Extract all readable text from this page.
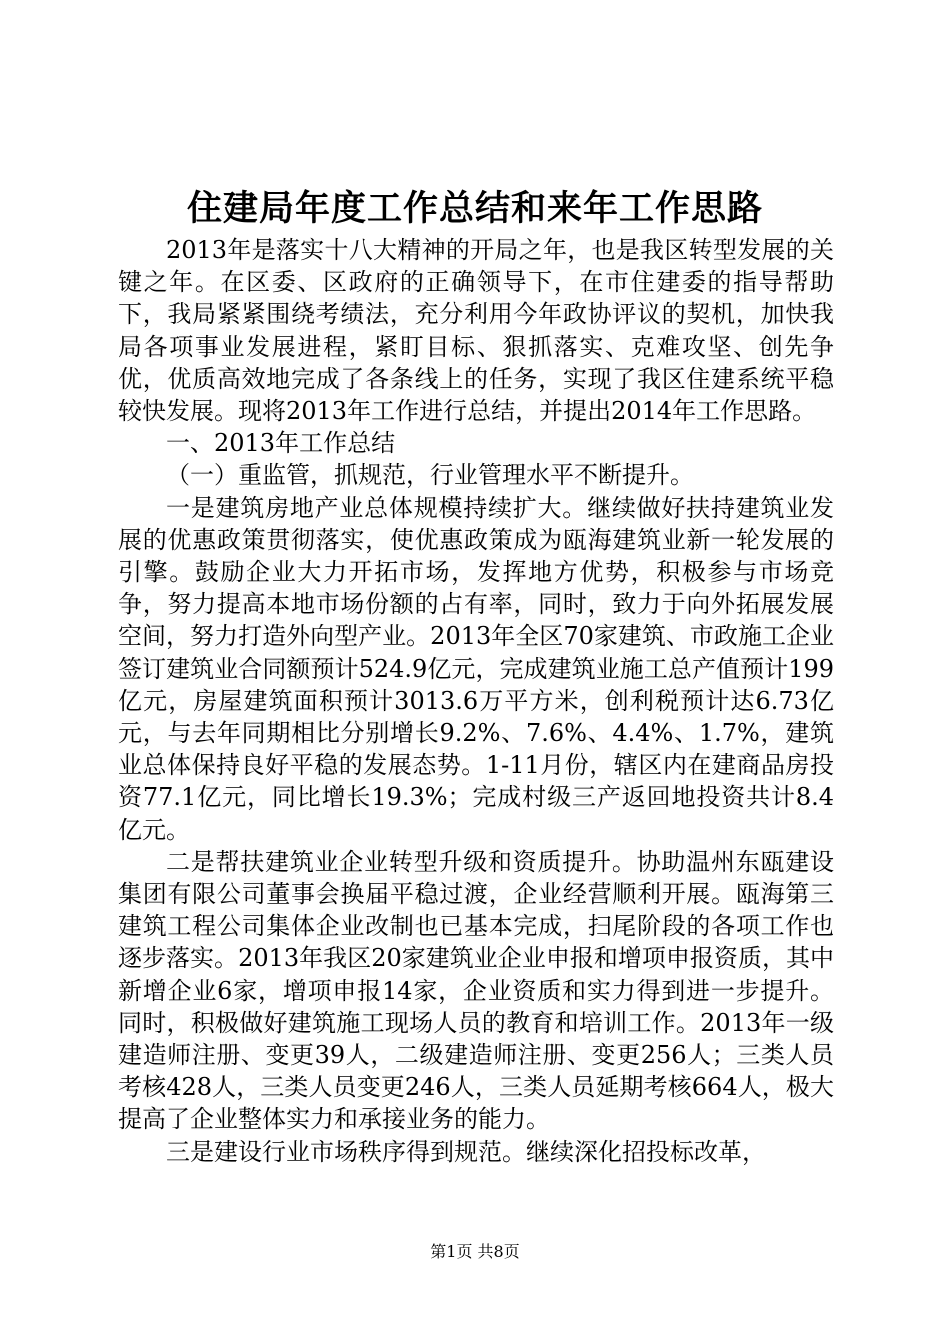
住建局年度工作总结和来年工作思路

2013年是落实十八大精神的开局之年，也是我区转型发展的关键之年。在区委、区政府的正确领导下，在市住建委的指导帮助下，我局紧紧围绕考绩法，充分利用今年政协评议的契机，加快我局各项事业发展进程，紧盯目标、狠抓落实、克难攻坚、创先争优，优质高效地完成了各条线上的任务，实现了我区住建系统平稳较快发展。现将2013年工作进行总结，并提出2014年工作思路。

一、2013年工作总结

（一）重监管，抓规范，行业管理水平不断提升。

一是建筑房地产业总体规模持续扩大。继续做好扶持建筑业发展的优惠政策贯彻落实，使优惠政策成为瓯海建筑业新一轮发展的引擎。鼓励企业大力开拓市场，发挥地方优势，积极参与市场竞争，努力提高本地市场份额的占有率，同时，致力于向外拓展发展空间，努力打造外向型产业。2013年全区70家建筑、市政施工企业签订建筑业合同额预计524.9亿元，完成建筑业施工总产值预计199亿元，房屋建筑面积预计3013.6万平方米，创利税预计达6.73亿元，与去年同期相比分别增长9.2%、7.6%、4.4%、1.7%，建筑业总体保持良好平稳的发展态势。1-11月份，辖区内在建商品房投资77.1亿元，同比增长19.3%；完成村级三产返回地投资共计8.4亿元。

二是帮扶建筑业企业转型升级和资质提升。协助温州东瓯建设集团有限公司董事会换届平稳过渡，企业经营顺利开展。瓯海第三建筑工程公司集体企业改制也已基本完成，扫尾阶段的各项工作也逐步落实。2013年我区20家建筑业企业申报和增项申报资质，其中新增企业6家，增项申报14家，企业资质和实力得到进一步提升。同时，积极做好建筑施工现场人员的教育和培训工作。2013年一级建造师注册、变更39人，二级建造师注册、变更256人；三类人员考核428人，三类人员变更246人，三类人员延期考核664人，极大提高了企业整体实力和承接业务的能力。

三是建设行业市场秩序得到规范。继续深化招投标改革，

第1页 共8页
